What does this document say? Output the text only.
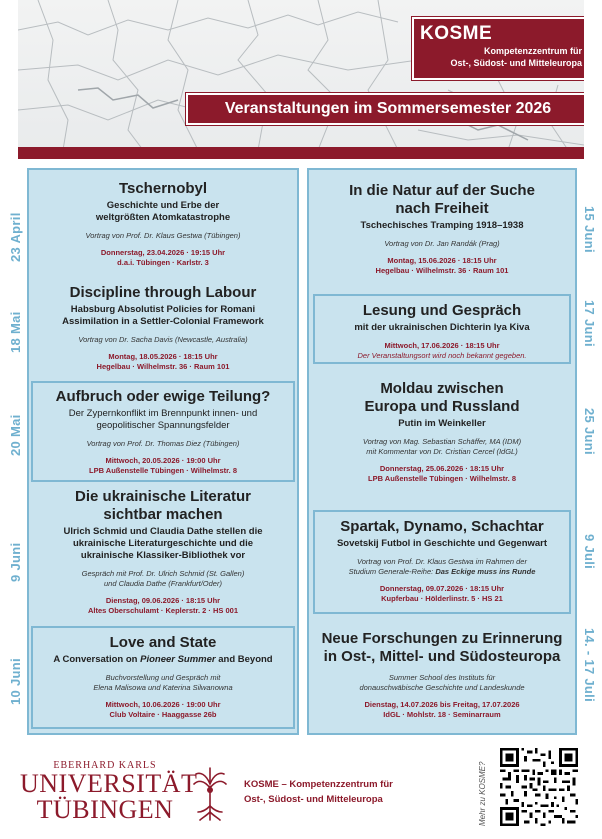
KOSME
Kompetenzzentrum für
Ost-, Südost- und Mitteleuropa
Veranstaltungen im Sommersemester 2026
23 April
18 Mai
20 Mai
9 Juni
10 Juni
15 Juni
17 Juni
25 Juni
9 Juli
14. - 17 Juli
Tschernobyl
Geschichte und Erbe der weltgrößten Atomkatastrophe
Vortrag von Prof. Dr. Klaus Gestwa (Tübingen)
Donnerstag, 23.04.2026 · 19:15 Uhr
d.a.i. Tübingen · Karlstr. 3
Discipline through Labour
Habsburg Absolutist Policies for Romani Assimilation in a Settler-Colonial Framework
Vortrag von Dr. Sacha Davis (Newcastle, Australia)
Montag, 18.05.2026 · 18:15 Uhr
Hegelbau · Wilhelmstr. 36 · Raum 101
Aufbruch oder ewige Teilung?
Der Zypernkonflikt im Brennpunkt innen- und geopolitischer Spannungsfelder
Vortrag von Prof. Dr. Thomas Diez (Tübingen)
Mittwoch, 20.05.2026 · 19:00 Uhr
LPB Außenstelle Tübingen · Wilhelmstr. 8
Die ukrainische Literatur sichtbar machen
Ulrich Schmid und Claudia Dathe stellen die ukrainische Literaturgeschichte und die ukrainische Klassiker-Bibliothek vor
Gespräch mit Prof. Dr. Ulrich Schmid (St. Gallen)
und Claudia Dathe (Frankfurt/Oder)
Dienstag, 09.06.2026 · 18:15 Uhr
Altes Oberschulamt · Keplerstr. 2 · HS 001
Love and State
A Conversation on Pioneer Summer and Beyond
Buchvorstellung und Gespräch mit
Elena Malisowa und Katerina Silwanowna
Mittwoch, 10.06.2026 · 19:00 Uhr
Club Voltaire · Haaggasse 26b
In die Natur auf der Suche nach Freiheit
Tschechisches Tramping 1918–1938
Vortrag von Dr. Jan Randák (Prag)
Montag, 15.06.2026 · 18:15 Uhr
Hegelbau · Wilhelmstr. 36 · Raum 101
Lesung und Gespräch
mit der ukrainischen Dichterin Iya Kiva
Mittwoch, 17.06.2026 · 18:15 Uhr
Der Veranstaltungsort wird noch bekannt gegeben.
Moldau zwischen Europa und Russland
Putin im Weinkeller
Vortrag von Mag. Sebastian Schäffer, MA (IDM)
mit Kommentar von Dr. Cristian Cercel (IdGL)
Donnerstag, 25.06.2026 · 18:15 Uhr
LPB Außenstelle Tübingen · Wilhelmstr. 8
Spartak, Dynamo, Schachtar
Sovetskij Futbol in Geschichte und Gegenwart
Vortrag von Prof. Dr. Klaus Gestwa im Rahmen der
Studium Generale-Reihe: Das Eckige muss ins Runde
Donnerstag, 09.07.2026 · 18:15 Uhr
Kupferbau · Hölderlinstr. 5 · HS 21
Neue Forschungen zu Erinnerung in Ost-, Mittel- und Südosteuropa
Summer School des Instituts für
donauschwäbische Geschichte und Landeskunde
Dienstag, 14.07.2026 bis Freitag, 17.07.2026
IdGL · Mohlstr. 18 · Seminarraum
EBERHARD KARLS
UNIVERSITÄT
TÜBINGEN
KOSME – Kompetenzzentrum für
Ost-, Südost- und Mitteleuropa	Mehr zu KOSME?
